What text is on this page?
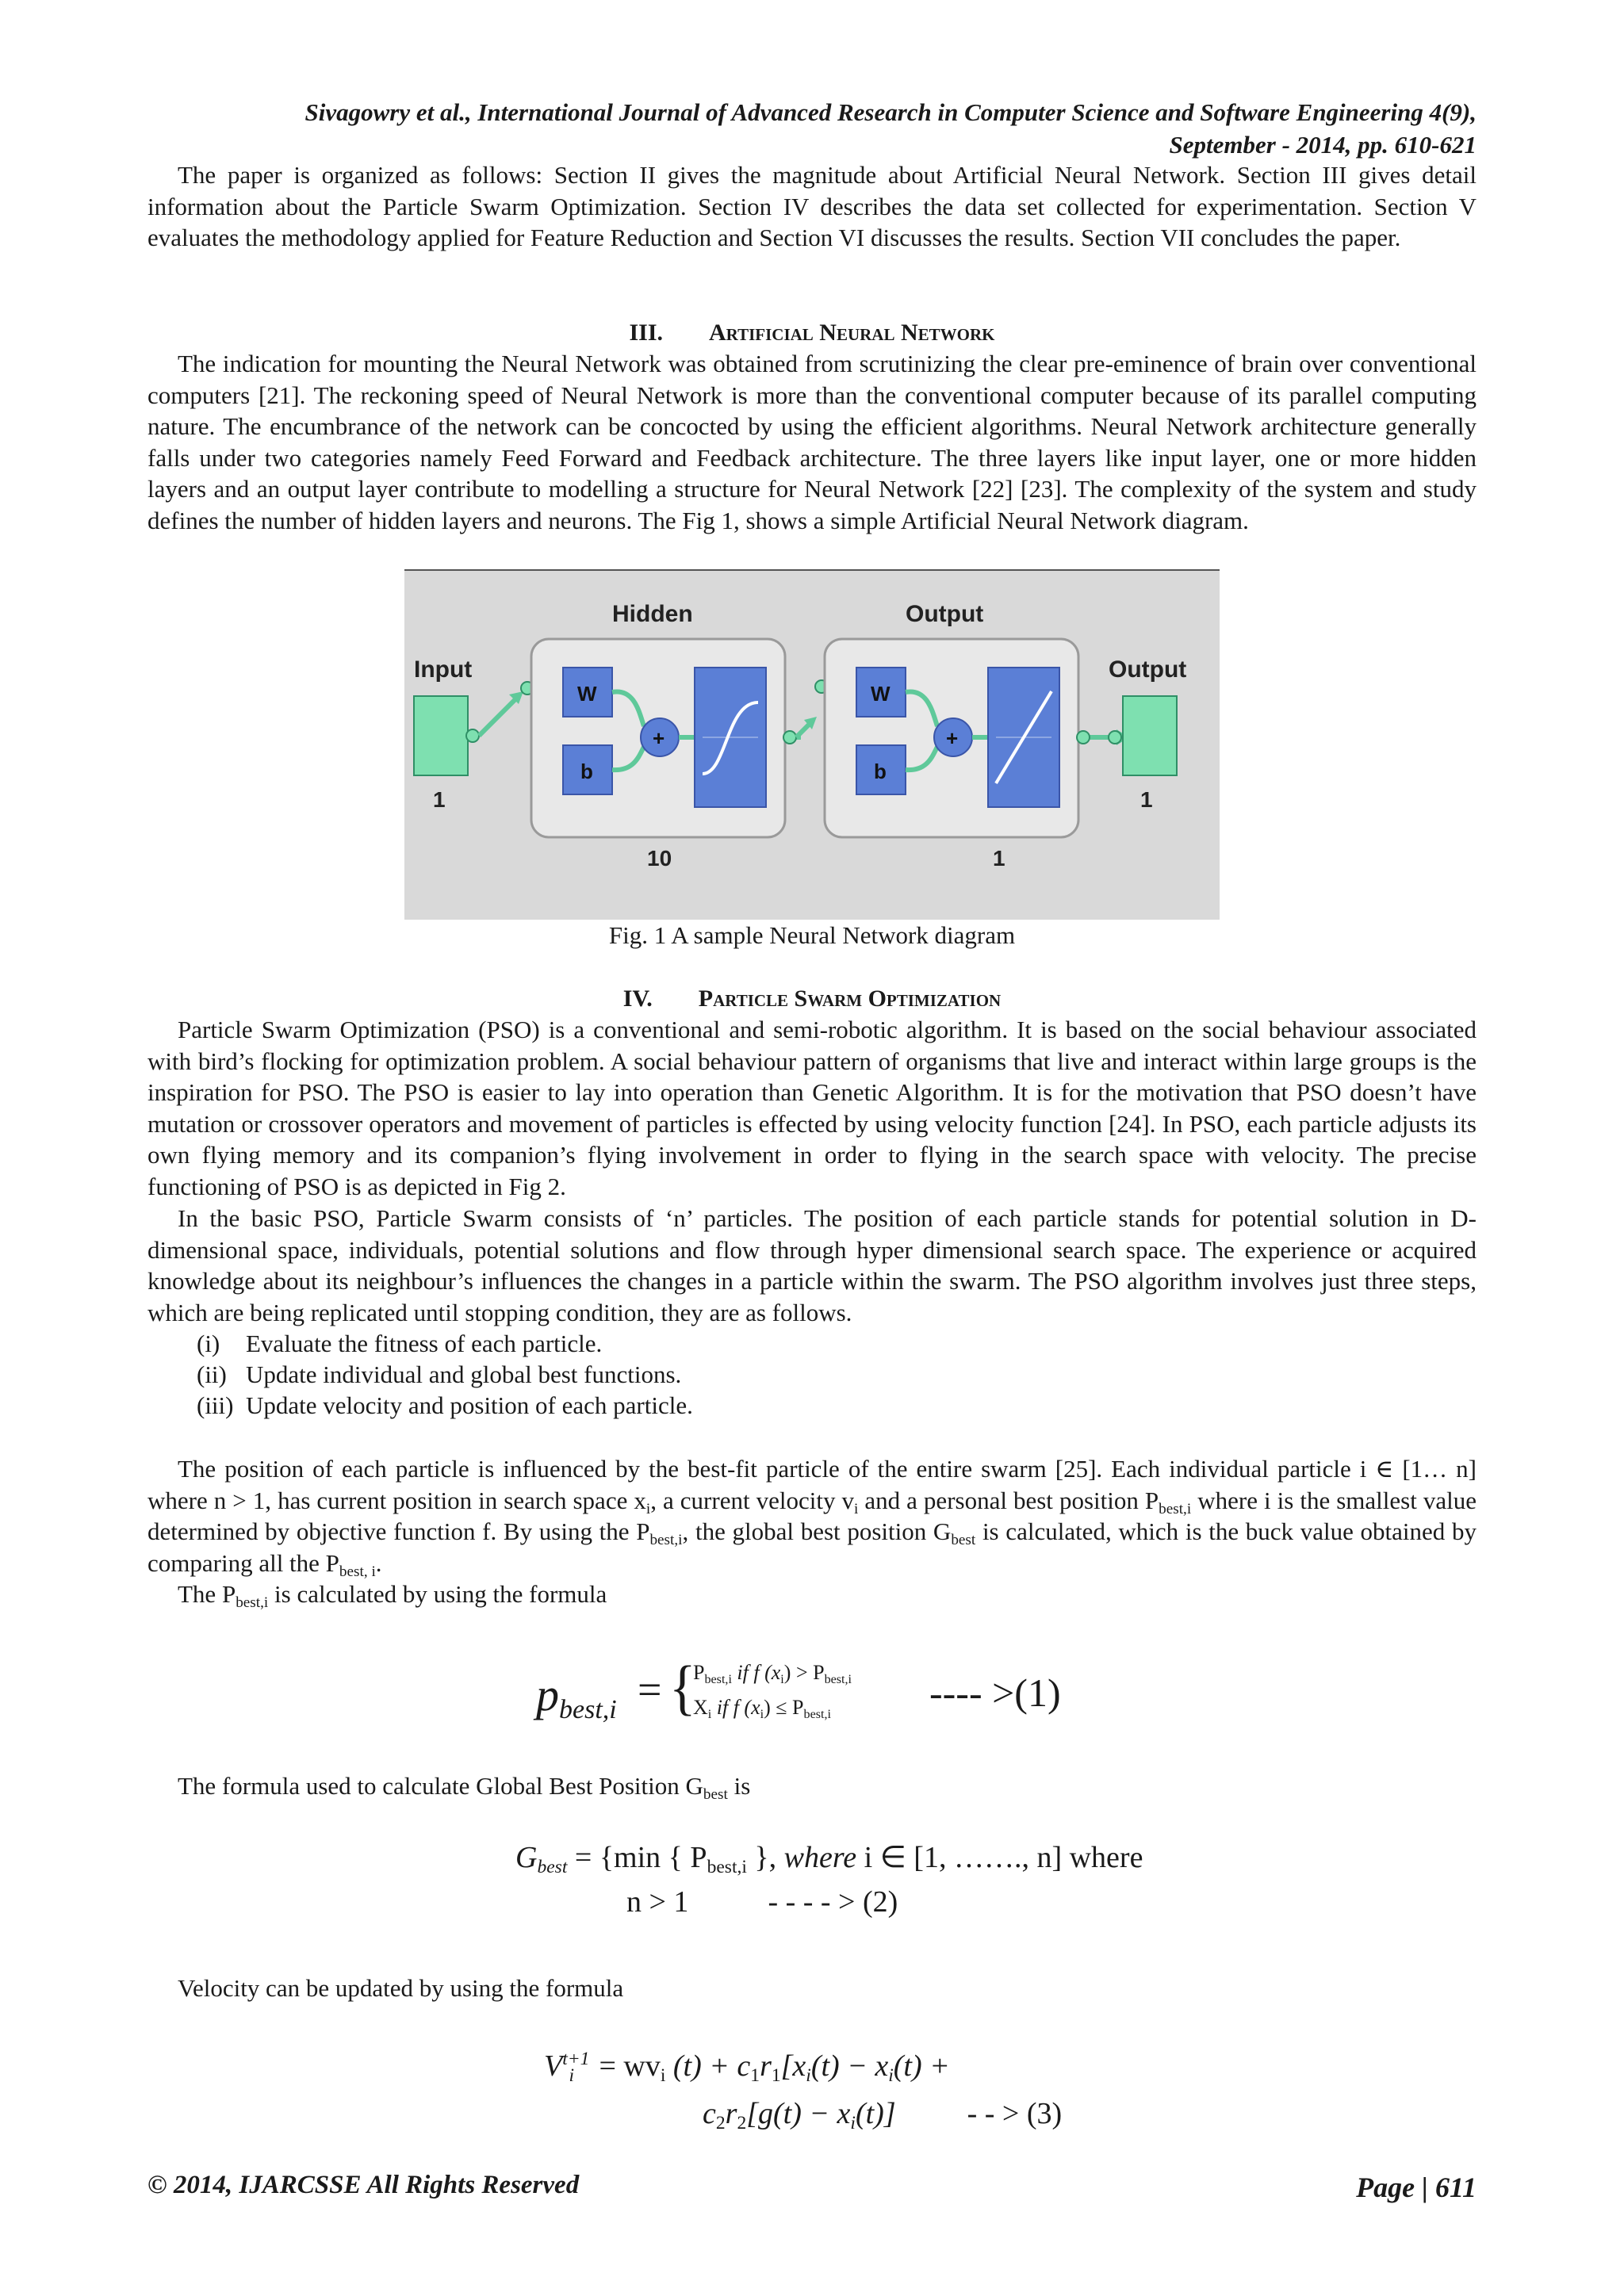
Sivagowry et al., International Journal of Advanced Research in Computer Science and Software Engineering 4(9),
September - 2014, pp. 610-621

The paper is organized as follows: Section II gives the magnitude about Artificial Neural Network. Section III gives detail information about the Particle Swarm Optimization. Section IV describes the data set collected for experimentation. Section V evaluates the methodology applied for Feature Reduction and Section VI discusses the results. Section VII concludes the paper.

III. Artificial Neural Network

The indication for mounting the Neural Network was obtained from scrutinizing the clear pre-eminence of brain over conventional computers [21]. The reckoning speed of Neural Network is more than the conventional computer because of its parallel computing nature. The encumbrance of the network can be concocted by using the efficient algorithms. Neural Network architecture generally falls under two categories namely Feed Forward and Feedback architecture. The three layers like input layer, one or more hidden layers and an output layer contribute to modelling a structure for Neural Network [22] [23]. The complexity of the system and study defines the number of hidden layers and neurons. The Fig 1, shows a simple Artificial Neural Network diagram.

Input
Hidden	Output
Output
1
W
b
+
10
W
b
+
1
1
Fig. 1 A sample Neural Network diagram
IV. Particle Swarm Optimization

Particle Swarm Optimization (PSO) is a conventional and semi-robotic algorithm. It is based on the social behaviour associated with bird’s flocking for optimization problem. A social behaviour pattern of organisms that live and interact within large groups is the inspiration for PSO. The PSO is easier to lay into operation than Genetic Algorithm. It is for the motivation that PSO doesn’t have mutation or crossover operators and movement of particles is effected by using velocity function [24]. In PSO, each particle adjusts its own flying memory and its companion’s flying involvement in order to flying in the search space with velocity. The precise functioning of PSO is as depicted in Fig 2.

In the basic PSO, Particle Swarm consists of ‘n’ particles. The position of each particle stands for potential solution in D-dimensional space, individuals, potential solutions and flow through hyper dimensional search space. The experience or acquired knowledge about its neighbour’s influences the changes in a particle within the swarm. The PSO algorithm involves just three steps, which are being replicated until stopping condition, they are as follows.

(i) Evaluate the fitness of each particle.
(ii) Update individual and global best functions.
(iii) Update velocity and position of each particle.

The position of each particle is influenced by the best-fit particle of the entire swarm [25]. Each individual particle i ∈ [1… n] where n > 1, has current position in search space $x_i$, a current velocity $v_i$ and a personal best position $P_{best,i}$ where i is the smallest value determined by objective function f. By using the $P_{best,i}$, the global best position $G_{best}$ is calculated, which is the buck value obtained by comparing all the $P_{best, i}$.

The $P_{best,i}$ is calculated by using the formula

$p_{best,i}$ = {
$P_{best,i}$ if f $(x_i) > P_{best,i}$
$X_i$ if f $(x_i) \le P_{best,i}$ ---- >(1)

The formula used to calculate Global Best Position $G_{best}$ is

$G_{best} = \{\min$ { $P_{best,i}$ }, where i ∈ [1, ……., n] where
n > 1	- - - - > (2)

Velocity can be updated by using the formula

$V^{t+1}_i = wv_i$ $(t) + c_1r_1[x_i(t) - x_i(t)$ +
$c_2r_2[g(t) - x_i(t)]$ - - > (3)
© 2014, IJARCSSE All Rights Reserved	Page | 611
